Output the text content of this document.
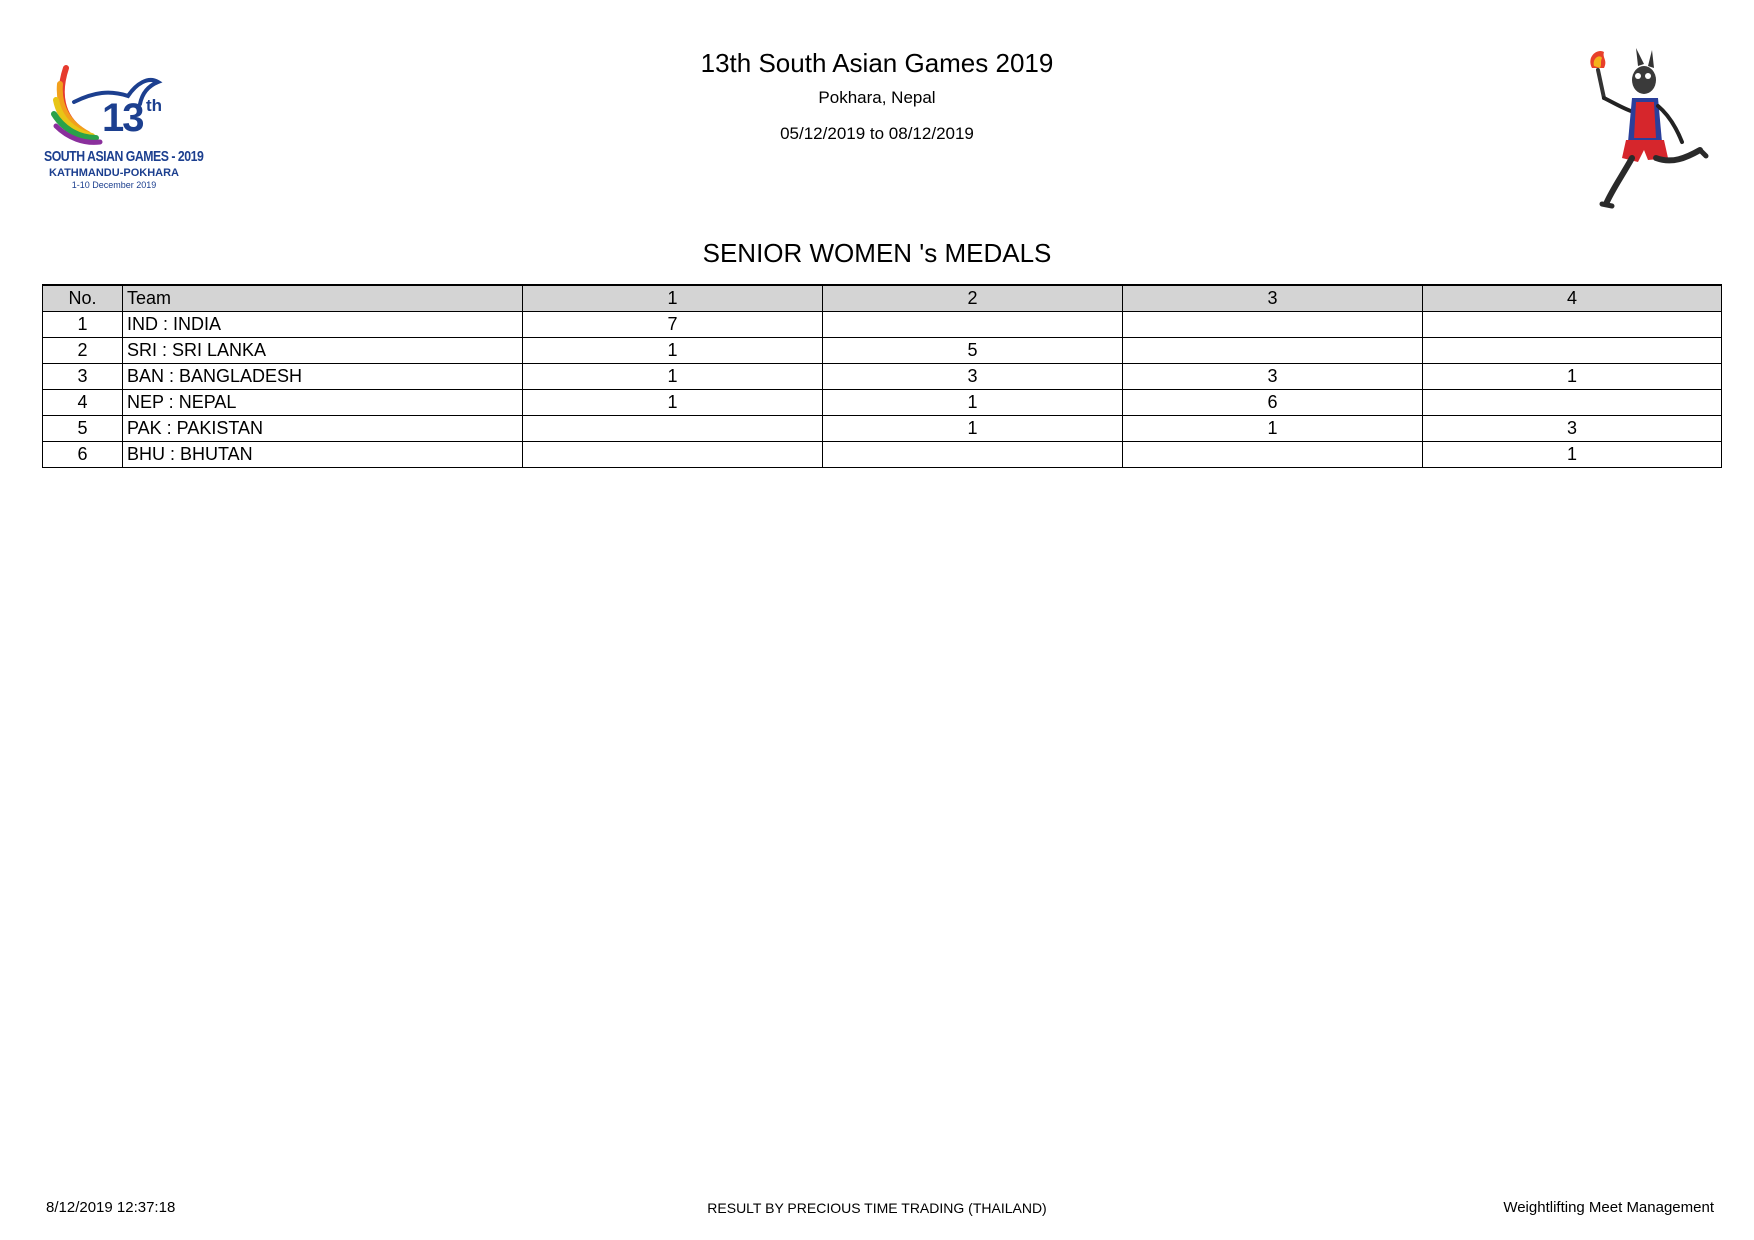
13 th
SOUTH ASIAN GAMES - 2019
KATHMANDU-POKHARA
1-10 December 2019
13th South Asian Games 2019
Pokhara, Nepal
05/12/2019 to 08/12/2019
SENIOR WOMEN 's MEDALS
No.	Team	1	2	3	4
1	IND : INDIA	7			
2	SRI : SRI LANKA	1	5		
3	BAN : BANGLADESH	1	3	3	1
4	NEP : NEPAL	1	1	6	
5	PAK : PAKISTAN		1	1	3
6	BHU : BHUTAN				1
8/12/2019 12:37:18	RESULT BY PRECIOUS TIME TRADING (THAILAND)	Weightlifting Meet Management
